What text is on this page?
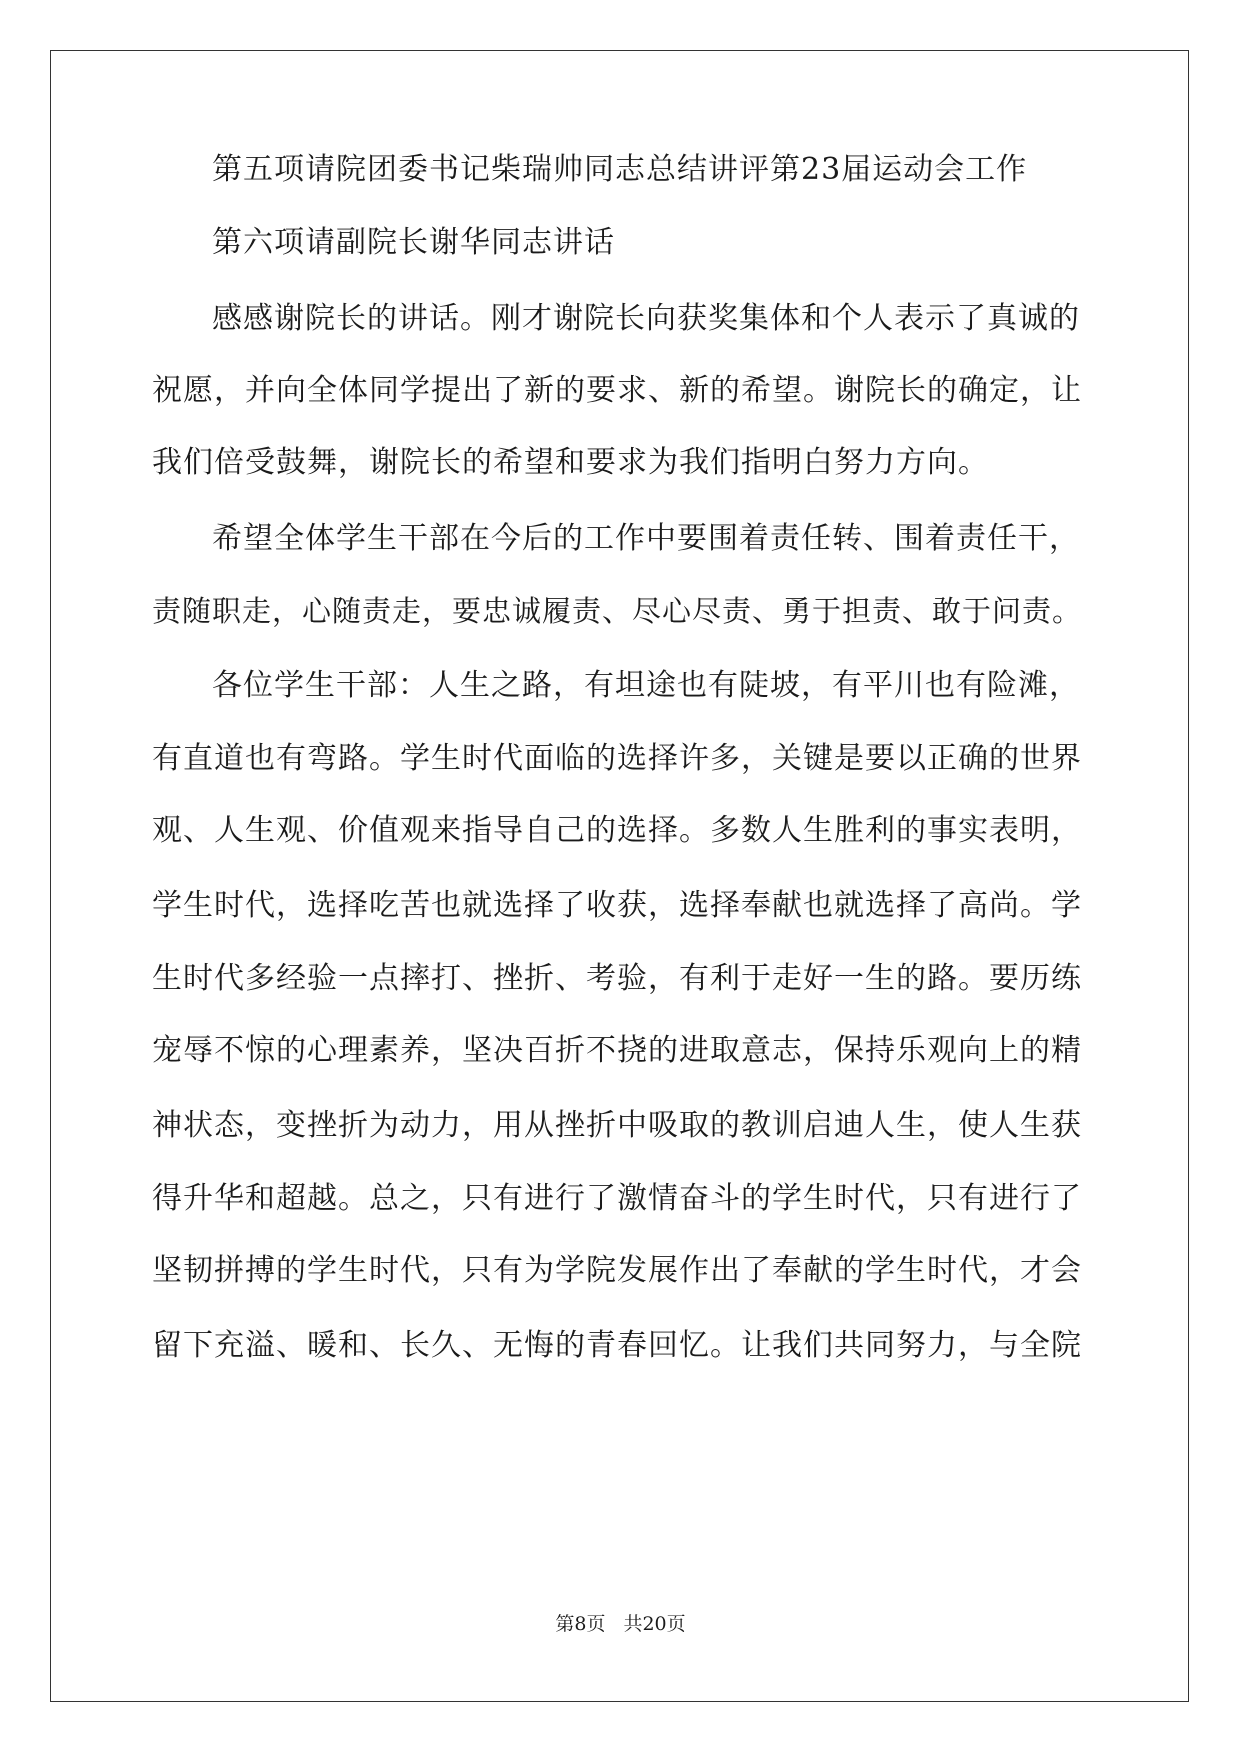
第五项请院团委书记柴瑞帅同志总结讲评第23届运动会工作
第六项请副院长谢华同志讲话
感感谢院长的讲话。刚才谢院长向获奖集体和个人表示了真诚的
祝愿，并向全体同学提出了新的要求、新的希望。谢院长的确定，让
我们倍受鼓舞，谢院长的希望和要求为我们指明白努力方向。
希望全体学生干部在今后的工作中要围着责任转、围着责任干，
责随职走，心随责走，要忠诚履责、尽心尽责、勇于担责、敢于问责。
各位学生干部：人生之路，有坦途也有陡坡，有平川也有险滩，
有直道也有弯路。学生时代面临的选择许多，关键是要以正确的世界
观、人生观、价值观来指导自己的选择。多数人生胜利的事实表明，
学生时代，选择吃苦也就选择了收获，选择奉献也就选择了高尚。学
生时代多经验一点摔打、挫折、考验，有利于走好一生的路。要历练
宠辱不惊的心理素养，坚决百折不挠的进取意志，保持乐观向上的精
神状态，变挫折为动力，用从挫折中吸取的教训启迪人生，使人生获
得升华和超越。总之，只有进行了激情奋斗的学生时代，只有进行了
坚韧拼搏的学生时代，只有为学院发展作出了奉献的学生时代，才会
留下充溢、暖和、长久、无悔的青春回忆。让我们共同努力，与全院
第8页 共20页
